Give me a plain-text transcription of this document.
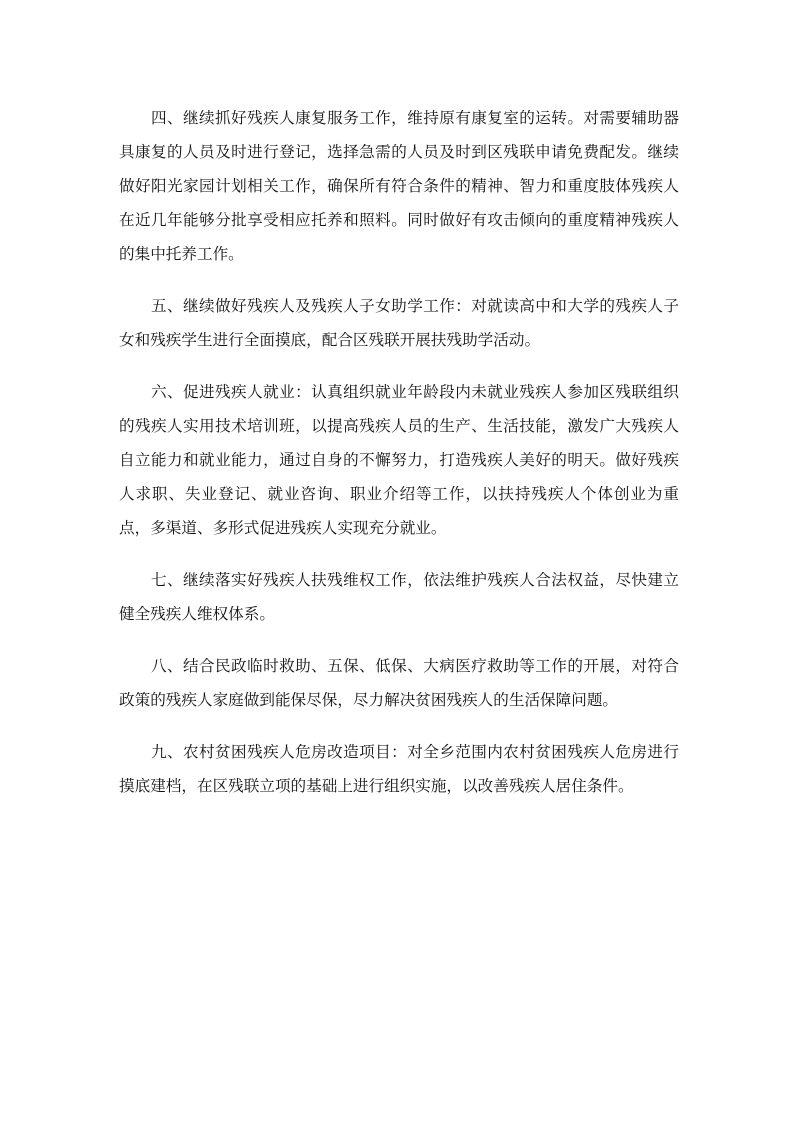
四、继续抓好残疾人康复服务工作，维持原有康复室的运转。对需要辅助器具康复的人员及时进行登记，选择急需的人员及时到区残联申请免费配发。继续做好阳光家园计划相关工作，确保所有符合条件的精神、智力和重度肢体残疾人在近几年能够分批享受相应托养和照料。同时做好有攻击倾向的重度精神残疾人的集中托养工作。

五、继续做好残疾人及残疾人子女助学工作：对就读高中和大学的残疾人子女和残疾学生进行全面摸底，配合区残联开展扶残助学活动。

六、促进残疾人就业：认真组织就业年龄段内未就业残疾人参加区残联组织的残疾人实用技术培训班，以提高残疾人员的生产、生活技能，激发广大残疾人自立能力和就业能力，通过自身的不懈努力，打造残疾人美好的明天。做好残疾人求职、失业登记、就业咨询、职业介绍等工作，以扶持残疾人个体创业为重点，多渠道、多形式促进残疾人实现充分就业。

七、继续落实好残疾人扶残维权工作，依法维护残疾人合法权益，尽快建立健全残疾人维权体系。

八、结合民政临时救助、五保、低保、大病医疗救助等工作的开展，对符合政策的残疾人家庭做到能保尽保，尽力解决贫困残疾人的生活保障问题。

九、农村贫困残疾人危房改造项目：对全乡范围内农村贫困残疾人危房进行摸底建档，在区残联立项的基础上进行组织实施，以改善残疾人居住条件。
